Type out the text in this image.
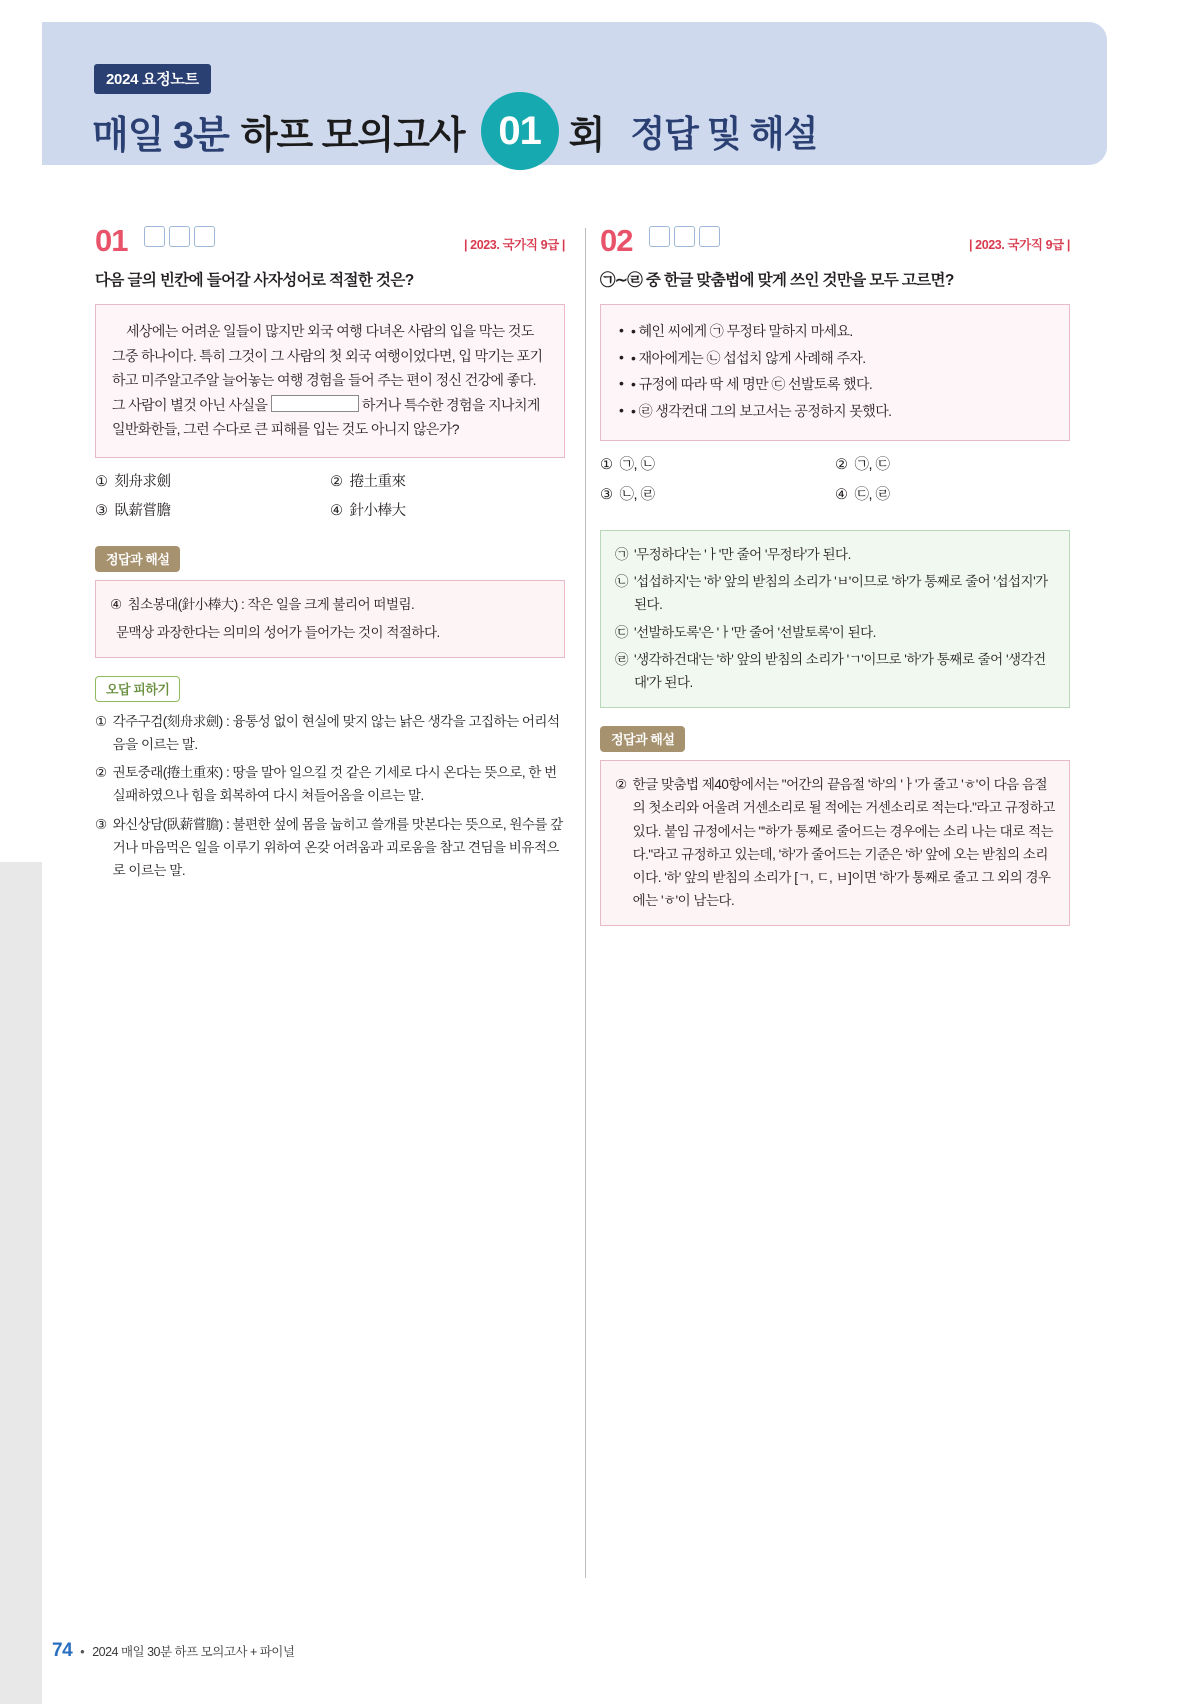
2024 요정노트
매일 3분 하프 모의고사 01 회 정답 및 해설
01	| 2023. 국가직 9급 |

다음 글의 빈칸에 들어갈 사자성어로 적절한 것은?

세상에는 어려운 일들이 많지만 외국 여행 다녀온 사람의 입을 막는 것도 그중 하나이다. 특히 그것이 그 사람의 첫 외국 여행이었다면, 입 막기는 포기하고 미주알고주알 늘어놓는 여행 경험을 들어 주는 편이 정신 건강에 좋다. 그 사람이 별것 아닌 사실을	하거나 특수한 경험을 지나치게 일반화한들, 그런 수다로 큰 피해를 입는 것도 아니지 않은가?

① 刻舟求劍	② 捲土重來
③ 臥薪嘗膽	④ 針小棒大
정답과 해설
④ 침소봉대(針小棒大) : 작은 일을 크게 불리어 떠벌림.
문맥상 과장한다는 의미의 성어가 들어가는 것이 적절하다.
오답 피하기
① 각주구검(刻舟求劍) : 융통성 없이 현실에 맞지 않는 낡은 생각을 고집하는 어리석음을 이르는 말.
② 권토중래(捲土重來) : 땅을 말아 일으킬 것 같은 기세로 다시 온다는 뜻으로, 한 번 실패하였으나 힘을 회복하여 다시 쳐들어옴을 이르는 말.
③ 와신상담(臥薪嘗膽) : 불편한 섶에 몸을 눕히고 쓸개를 맛본다는 뜻으로, 원수를 갚거나 마음먹은 일을 이루기 위하여 온갖 어려움과 괴로움을 참고 견딤을 비유적으로 이르는 말.
02	| 2023. 국가직 9급 |

㉠∼㉣ 중 한글 맞춤법에 맞게 쓰인 것만을 모두 고르면?

• • 혜인 씨에게 ㉠ 무정타 말하지 마세요.
• • 재아에게는 ㉡ 섭섭치 않게 사례해 주자.
• • 규정에 따라 딱 세 명만 ㉢ 선발토록 했다.
• • ㉣ 생각컨대 그의 보고서는 공정하지 못했다.
① ㉠, ㉡	② ㉠, ㉢
③ ㉡, ㉣	④ ㉢, ㉣
㉠ '무정하다'는 'ㅏ'만 줄어 '무정타'가 된다.
㉡ '섭섭하지'는 '하' 앞의 받침의 소리가 'ㅂ'이므로 '하'가 통째로 줄어 '섭섭지'가 된다.
㉢ '선발하도록'은 'ㅏ'만 줄어 '선발토록'이 된다.
㉣ '생각하건대'는 '하' 앞의 받침의 소리가 'ㄱ'이므로 '하'가 통째로 줄어 '생각건대'가 된다.
정답과 해설
② 한글 맞춤법 제40항에서는 "어간의 끝음절 '하'의 'ㅏ'가 줄고 'ㅎ'이 다음 음절의 첫소리와 어울려 거센소리로 될 적에는 거센소리로 적는다."라고 규정하고 있다. 붙임 규정에서는 "'하'가 통째로 줄어드는 경우에는 소리 나는 대로 적는다."라고 규정하고 있는데, '하'가 줄어드는 기준은 '하' 앞에 오는 받침의 소리이다. '하' 앞의 받침의 소리가 [ㄱ, ㄷ, ㅂ]이면 '하'가 통째로 줄고 그 외의 경우에는 'ㅎ'이 남는다.
74 • 2024 매일 30분 하프 모의고사 + 파이널
